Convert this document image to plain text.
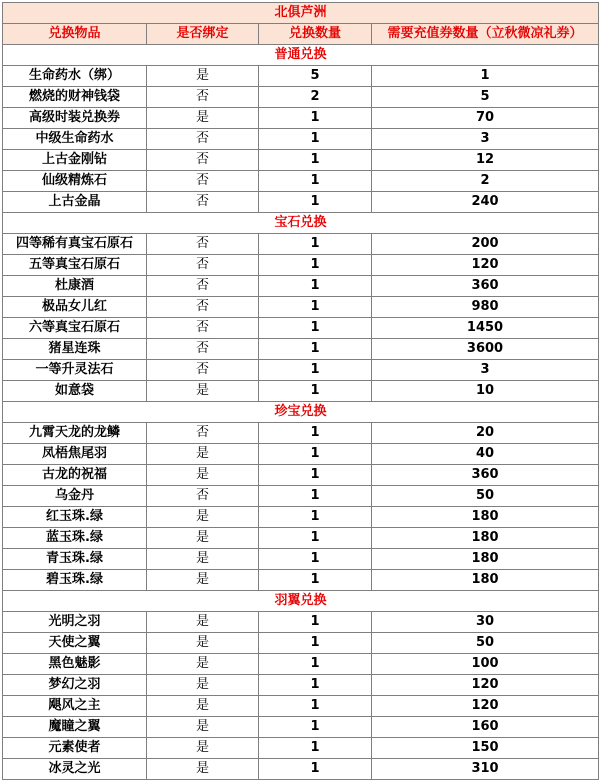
北俱芦洲			
兑换物品	是否绑定	兑换数量	需要充值券数量（立秋微凉礼券）
普通兑换			
生命药水（绑）	是	5	1
燃烧的财神钱袋	否	2	5
高级时装兑换券	是	1	70
中级生命药水	否	1	3
上古金刚钻	否	1	12
仙级精炼石	否	1	2
上古金晶	否	1	240
宝石兑换			
四等稀有真宝石原石	否	1	200
五等真宝石原石	否	1	120
杜康酒	否	1	360
极品女儿红	否	1	980
六等真宝石原石	否	1	1450
猪星连珠	否	1	3600
一等升灵法石	否	1	3
如意袋	是	1	10
珍宝兑换			
九霄天龙的龙鳞	否	1	20
凤梧焦尾羽	是	1	40
古龙的祝福	是	1	360
乌金丹	否	1	50
红玉珠.绿	是	1	180
蓝玉珠.绿	是	1	180
青玉珠.绿	是	1	180
碧玉珠.绿	是	1	180
羽翼兑换			
光明之羽	是	1	30
天使之翼	是	1	50
黑色魅影	是	1	100
梦幻之羽	是	1	120
飓风之主	是	1	120
魔瞳之翼	是	1	160
元素使者	是	1	150
冰灵之光	是	1	310
